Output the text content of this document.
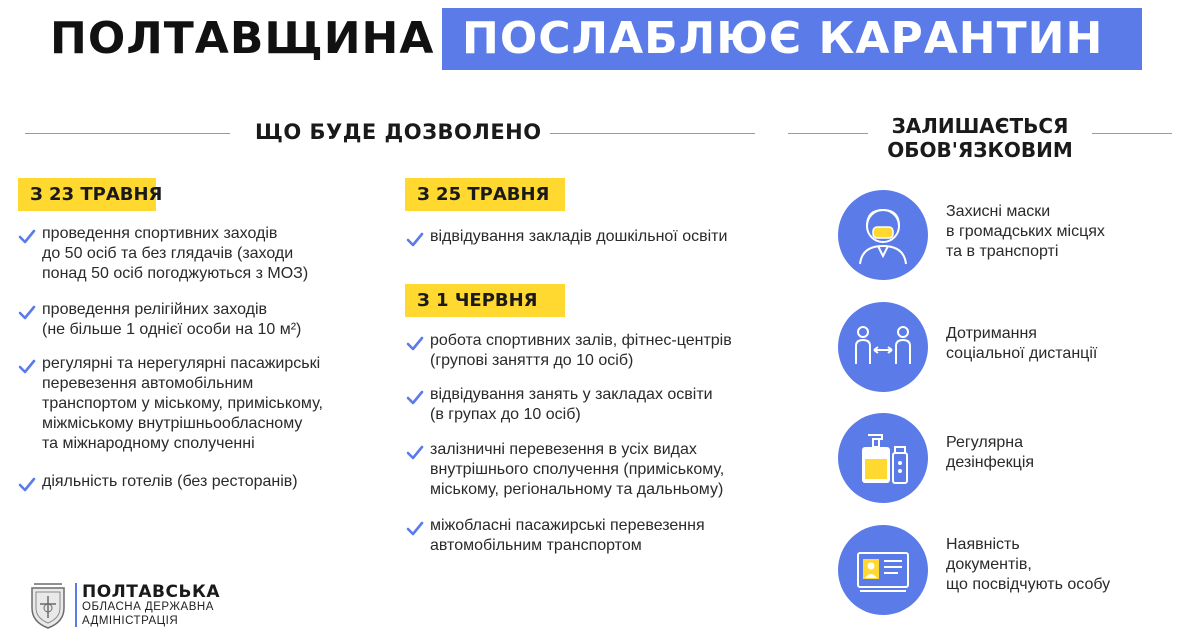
ПОЛТАВЩИНА ПОСЛАБЛЮЄ КАРАНТИН
ЩО БУДЕ ДОЗВОЛЕНО	ЗАЛИШАЄТЬСЯ
ОБОВ'ЯЗКОВИМ
З 23 ТРАВНЯ
проведення спортивних заходів
до 50 осіб та без глядачів (заходи
понад 50 осіб погоджуються з МОЗ)
проведення релігійних заходів
(не більше 1 однієї особи на 10 м²)
регулярні та нерегулярні пасажирські
перевезення автомобільним
транспортом у міському, приміському,
міжміському внутрішньообласному
та міжнародному сполученні
діяльність готелів (без ресторанів)
З 25 ТРАВНЯ
відвідування закладів дошкільної освіти
З 1 ЧЕРВНЯ
робота спортивних залів, фітнес-центрів
(групові заняття до 10 осіб)
відвідування занять у закладах освіти
(в групах до 10 осіб)
залізничні перевезення в усіх видах
внутрішнього сполучення (приміському,
міському, регіональному та дальньому)
міжобласні пасажирські перевезення
автомобільним транспортом
Захисні маски
в громадських місцях
та в транспорті
Дотримання
соціальної дистанції
Регулярна
дезінфекція
Наявність
документів,
що посвідчують особу
ПОЛТАВСЬКА
ОБЛАСНА ДЕРЖАВНА
АДМІНІСТРАЦІЯ
